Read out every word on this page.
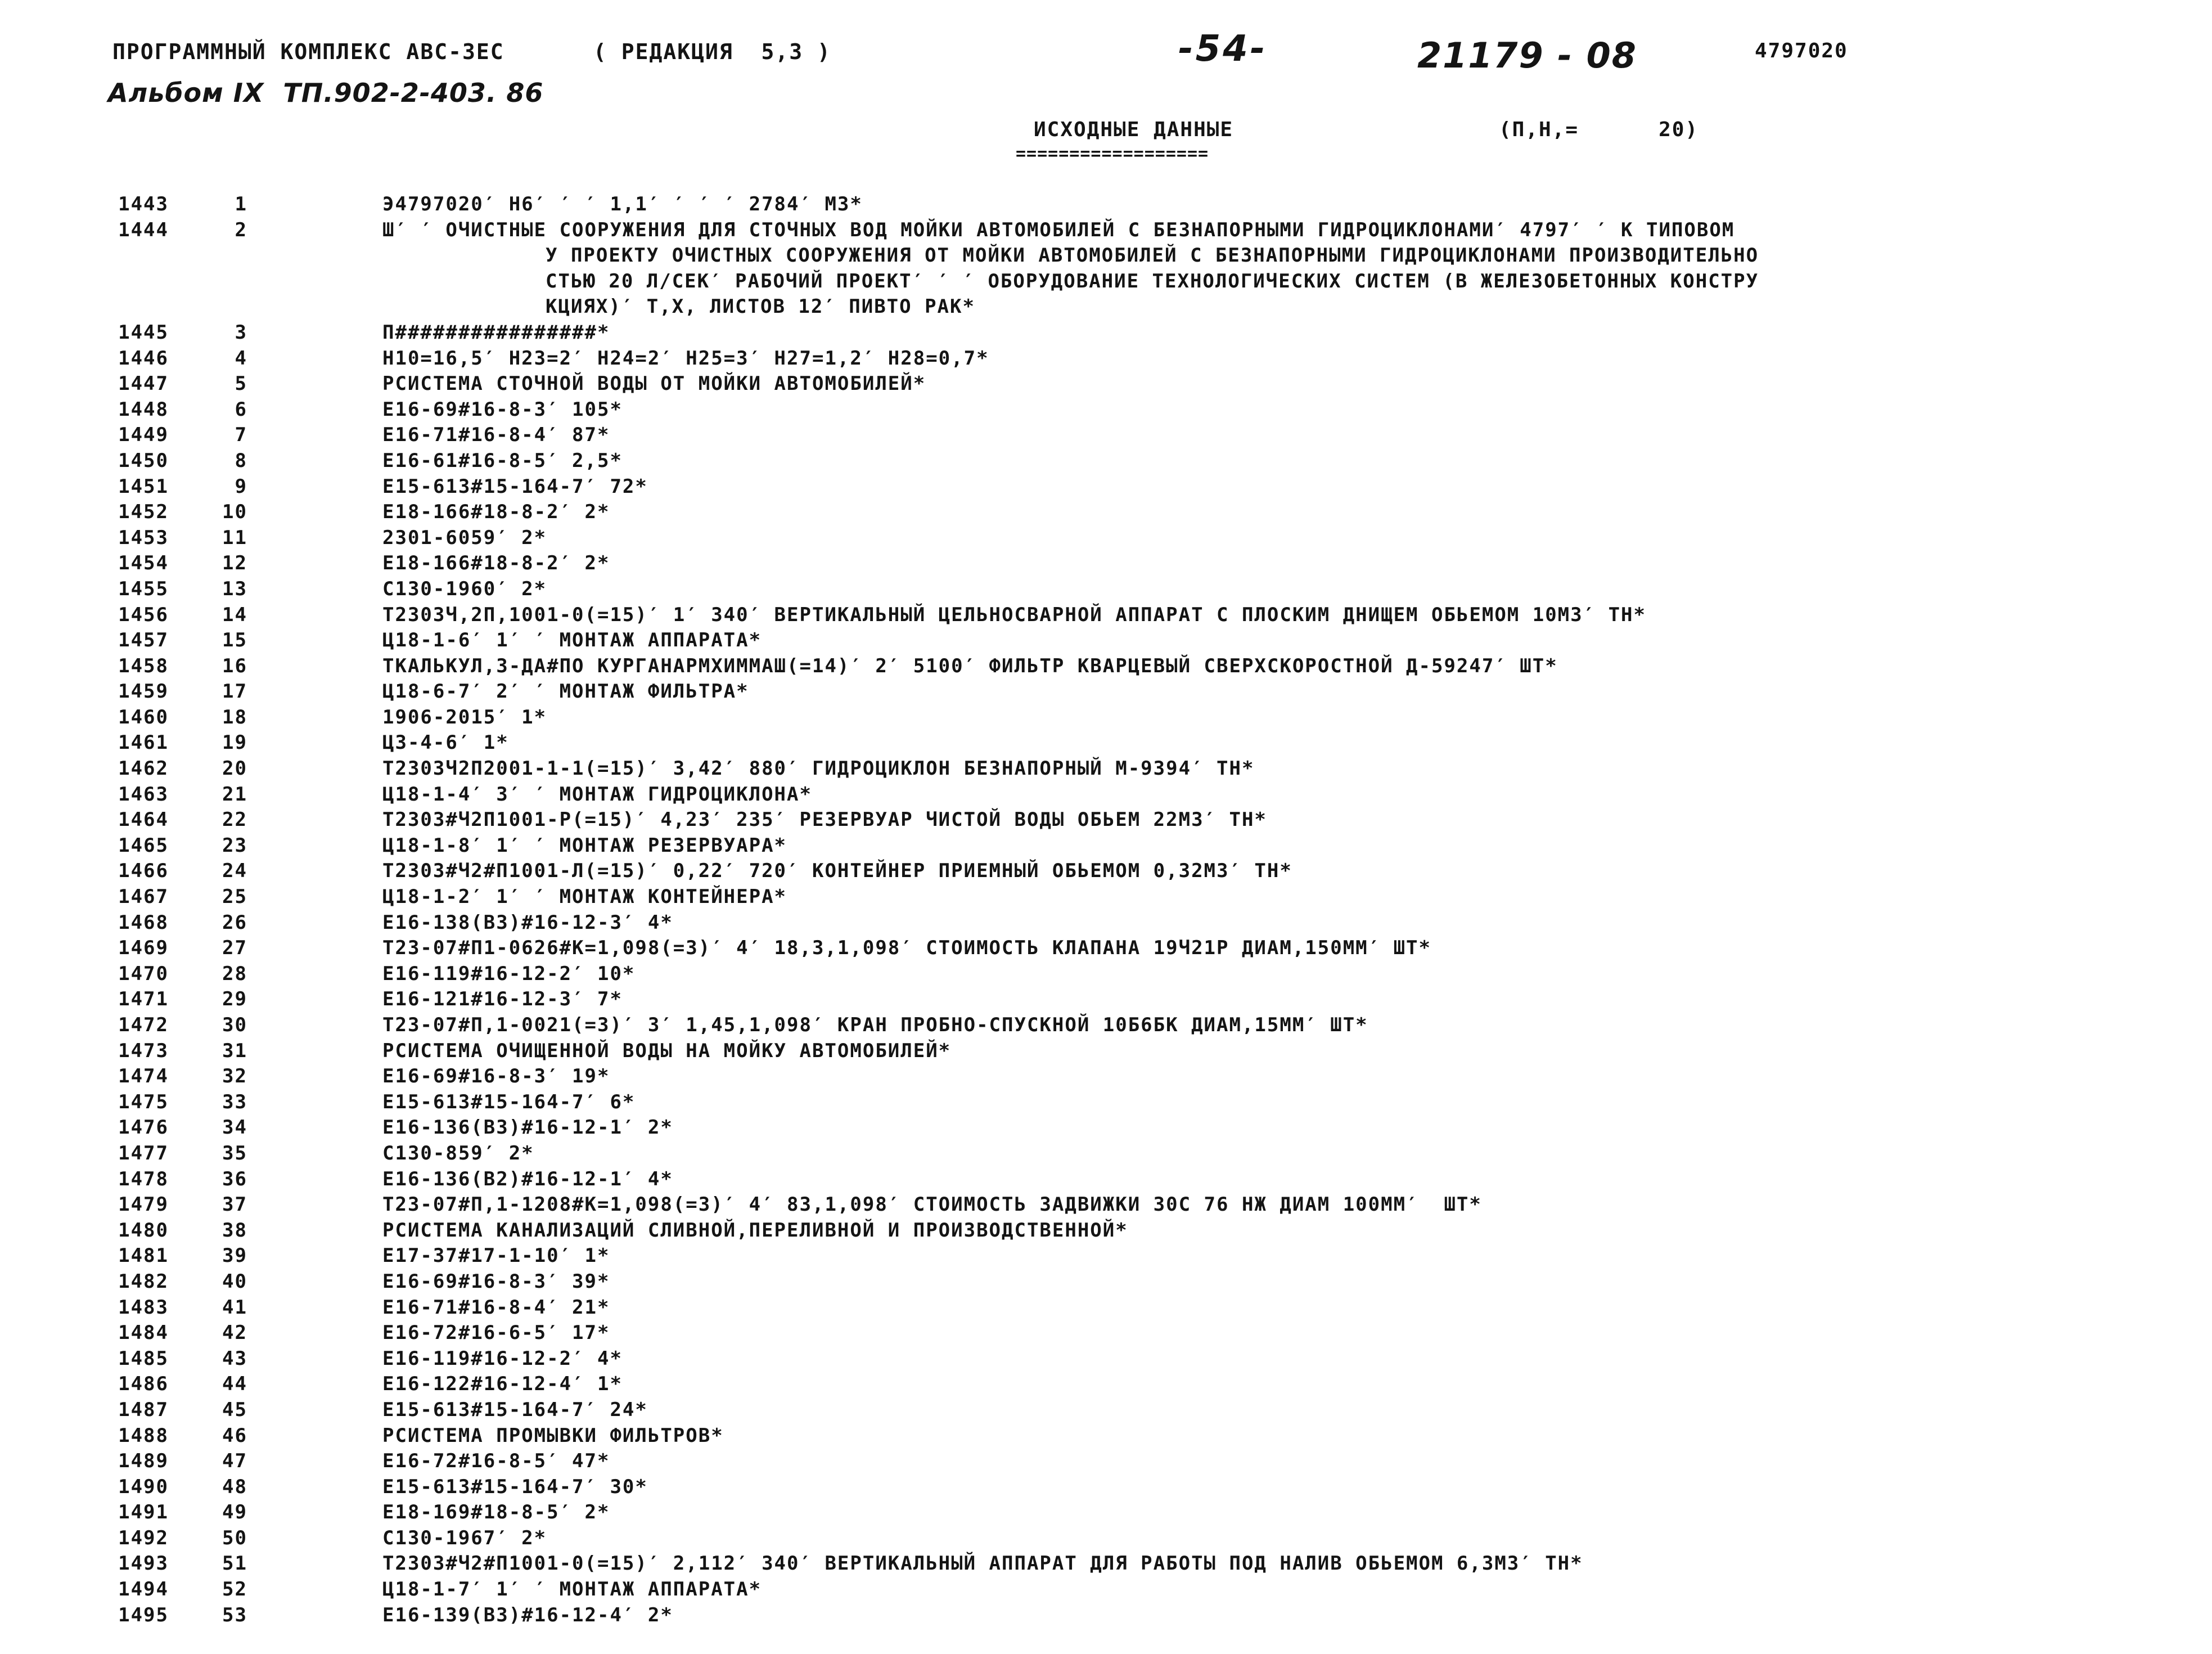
ПРОГРАММНЫЙ КОМПЛЕКС АВС-ЗЕС	( РЕДАКЦИЯ  5,3 )	-54-	21179 - 08	4797020
Альбом IX  ТП.902-2-403. 86
ИСХОДНЫЕ ДАННЫЕ
==================
(П,Н,=      20)
1443	1	Э4797020′ Н6′ ′ ′ 1,1′ ′ ′ ′ 2784′ М3*
1444	2	Ш′ ′ ОЧИСТНЫЕ СООРУЖЕНИЯ ДЛЯ СТОЧНЫХ ВОД МОЙКИ АВТОМОБИЛЕЙ С БЕЗНАПОРНЫМИ ГИДРОЦИКЛОНАМИ′ 4797′ ′ К ТИПОВОМ
У ПРОЕКТУ ОЧИСТНЫХ СООРУЖЕНИЯ ОТ МОЙКИ АВТОМОБИЛЕЙ С БЕЗНАПОРНЫМИ ГИДРОЦИКЛОНАМИ ПРОИЗВОДИТЕЛЬНО
СТЬЮ 20 Л/СЕК′ РАБОЧИЙ ПРОЕКТ′ ′ ′ ОБОРУДОВАНИЕ ТЕХНОЛОГИЧЕСКИХ СИСТЕМ (В ЖЕЛЕЗОБЕТОННЫХ КОНСТРУ
КЦИЯХ)′ Т,Х, ЛИСТОВ 12′ ПИВТО РАК*
1445	3	П################*
1446	4	Н10=16,5′ Н23=2′ Н24=2′ Н25=3′ Н27=1,2′ Н28=0,7*
1447	5	РСИСТЕМА СТОЧНОЙ ВОДЫ ОТ МОЙКИ АВТОМОБИЛЕЙ*
1448	6	Е16-69#16-8-3′ 105*
1449	7	Е16-71#16-8-4′ 87*
1450	8	Е16-61#16-8-5′ 2,5*
1451	9	Е15-613#15-164-7′ 72*
1452	10	Е18-166#18-8-2′ 2*
1453	11	2301-6059′ 2*
1454	12	Е18-166#18-8-2′ 2*
1455	13	С130-1960′ 2*
1456	14	Т2303Ч,2П,1001-0(=15)′ 1′ 340′ ВЕРТИКАЛЬНЫЙ ЦЕЛЬНОСВАРНОЙ АППАРАТ С ПЛОСКИМ ДНИЩЕМ ОБЬЕМОМ 10М3′ ТН*
1457	15	Ц18-1-6′ 1′ ′ МОНТАЖ АППАРАТА*
1458	16	ТКАЛЬКУЛ,3-ДА#ПО КУРГАНАРМХИММАШ(=14)′ 2′ 5100′ ФИЛЬТР КВАРЦЕВЫЙ СВЕРХСКОРОСТНОЙ Д-59247′ ШТ*
1459	17	Ц18-6-7′ 2′ ′ МОНТАЖ ФИЛЬТРА*
1460	18	1906-2015′ 1*
1461	19	Ц3-4-6′ 1*
1462	20	Т2303Ч2П2001-1-1(=15)′ 3,42′ 880′ ГИДРОЦИКЛОН БЕЗНАПОРНЫЙ М-9394′ ТН*
1463	21	Ц18-1-4′ 3′ ′ МОНТАЖ ГИДРОЦИКЛОНА*
1464	22	Т2303#Ч2П1001-Р(=15)′ 4,23′ 235′ РЕЗЕРВУАР ЧИСТОЙ ВОДЫ ОБЬЕМ 22М3′ ТН*
1465	23	Ц18-1-8′ 1′ ′ МОНТАЖ РЕЗЕРВУАРА*
1466	24	Т2303#Ч2#П1001-Л(=15)′ 0,22′ 720′ КОНТЕЙНЕР ПРИЕМНЫЙ ОБЬЕМОМ 0,32М3′ ТН*
1467	25	Ц18-1-2′ 1′ ′ МОНТАЖ КОНТЕЙНЕРА*
1468	26	Е16-138(В3)#16-12-3′ 4*
1469	27	Т23-07#П1-0626#К=1,098(=3)′ 4′ 18,3,1,098′ СТОИМОСТЬ КЛАПАНА 19Ч21Р ДИАМ,150ММ′ ШТ*
1470	28	Е16-119#16-12-2′ 10*
1471	29	Е16-121#16-12-3′ 7*
1472	30	Т23-07#П,1-0021(=3)′ 3′ 1,45,1,098′ КРАН ПРОБНО-СПУСКНОЙ 10Б6БК ДИАМ,15ММ′ ШТ*
1473	31	РСИСТЕМА ОЧИЩЕННОЙ ВОДЫ НА МОЙКУ АВТОМОБИЛЕЙ*
1474	32	Е16-69#16-8-3′ 19*
1475	33	Е15-613#15-164-7′ 6*
1476	34	Е16-136(В3)#16-12-1′ 2*
1477	35	С130-859′ 2*
1478	36	Е16-136(В2)#16-12-1′ 4*
1479	37	Т23-07#П,1-1208#К=1,098(=3)′ 4′ 83,1,098′ СТОИМОСТЬ ЗАДВИЖКИ 30С 76 НЖ ДИАМ 100ММ′  ШТ*
1480	38	РСИСТЕМА КАНАЛИЗАЦИЙ СЛИВНОЙ,ПЕРЕЛИВНОЙ И ПРОИЗВОДСТВЕННОЙ*
1481	39	Е17-37#17-1-10′ 1*
1482	40	Е16-69#16-8-3′ 39*
1483	41	Е16-71#16-8-4′ 21*
1484	42	Е16-72#16-6-5′ 17*
1485	43	Е16-119#16-12-2′ 4*
1486	44	Е16-122#16-12-4′ 1*
1487	45	Е15-613#15-164-7′ 24*
1488	46	РСИСТЕМА ПРОМЫВКИ ФИЛЬТРОВ*
1489	47	Е16-72#16-8-5′ 47*
1490	48	Е15-613#15-164-7′ 30*
1491	49	Е18-169#18-8-5′ 2*
1492	50	С130-1967′ 2*
1493	51	Т2303#Ч2#П1001-0(=15)′ 2,112′ 340′ ВЕРТИКАЛЬНЫЙ АППАРАТ ДЛЯ РАБОТЫ ПОД НАЛИВ ОБЬЕМОМ 6,3М3′ ТН*
1494	52	Ц18-1-7′ 1′ ′ МОНТАЖ АППАРАТА*
1495	53	Е16-139(В3)#16-12-4′ 2*
